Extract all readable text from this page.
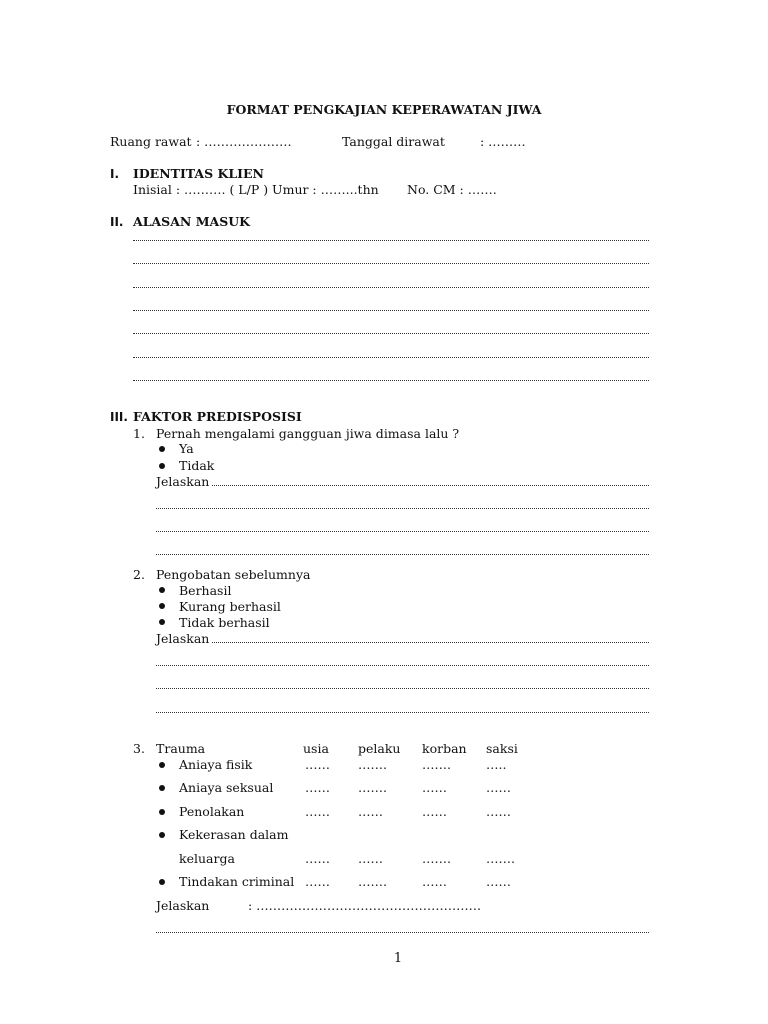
FORMAT PENGKAJIAN KEPERAWATAN JIWA
Ruang rawat : …………………	Tanggal dirawat	: ………
I. IDENTITAS KLIEN
Inisial : ………. ( L/P ) Umur : ……...thn No. CM : …….
II. ALASAN MASUK
III. FAKTOR PREDISPOSISI
1. Pernah mengalami gangguan jiwa dimasa lalu ?
Ya
Tidak
Jelaskan
2. Pengobatan sebelumnya
Berhasil
Kurang berhasil
Tidak berhasil
Jelaskan
3. Trauma	usia pelaku korban saksi
Aniaya fisik	…… …….	…….	…..
Aniaya seksual	…… …….	……	……
Penolakan	…… ……	……	……
Kekerasan dalam
keluarga	…… ……	…….	…….
Tindakan criminal …… …….	……	……
Jelaskan	: ………………………………………………
1
